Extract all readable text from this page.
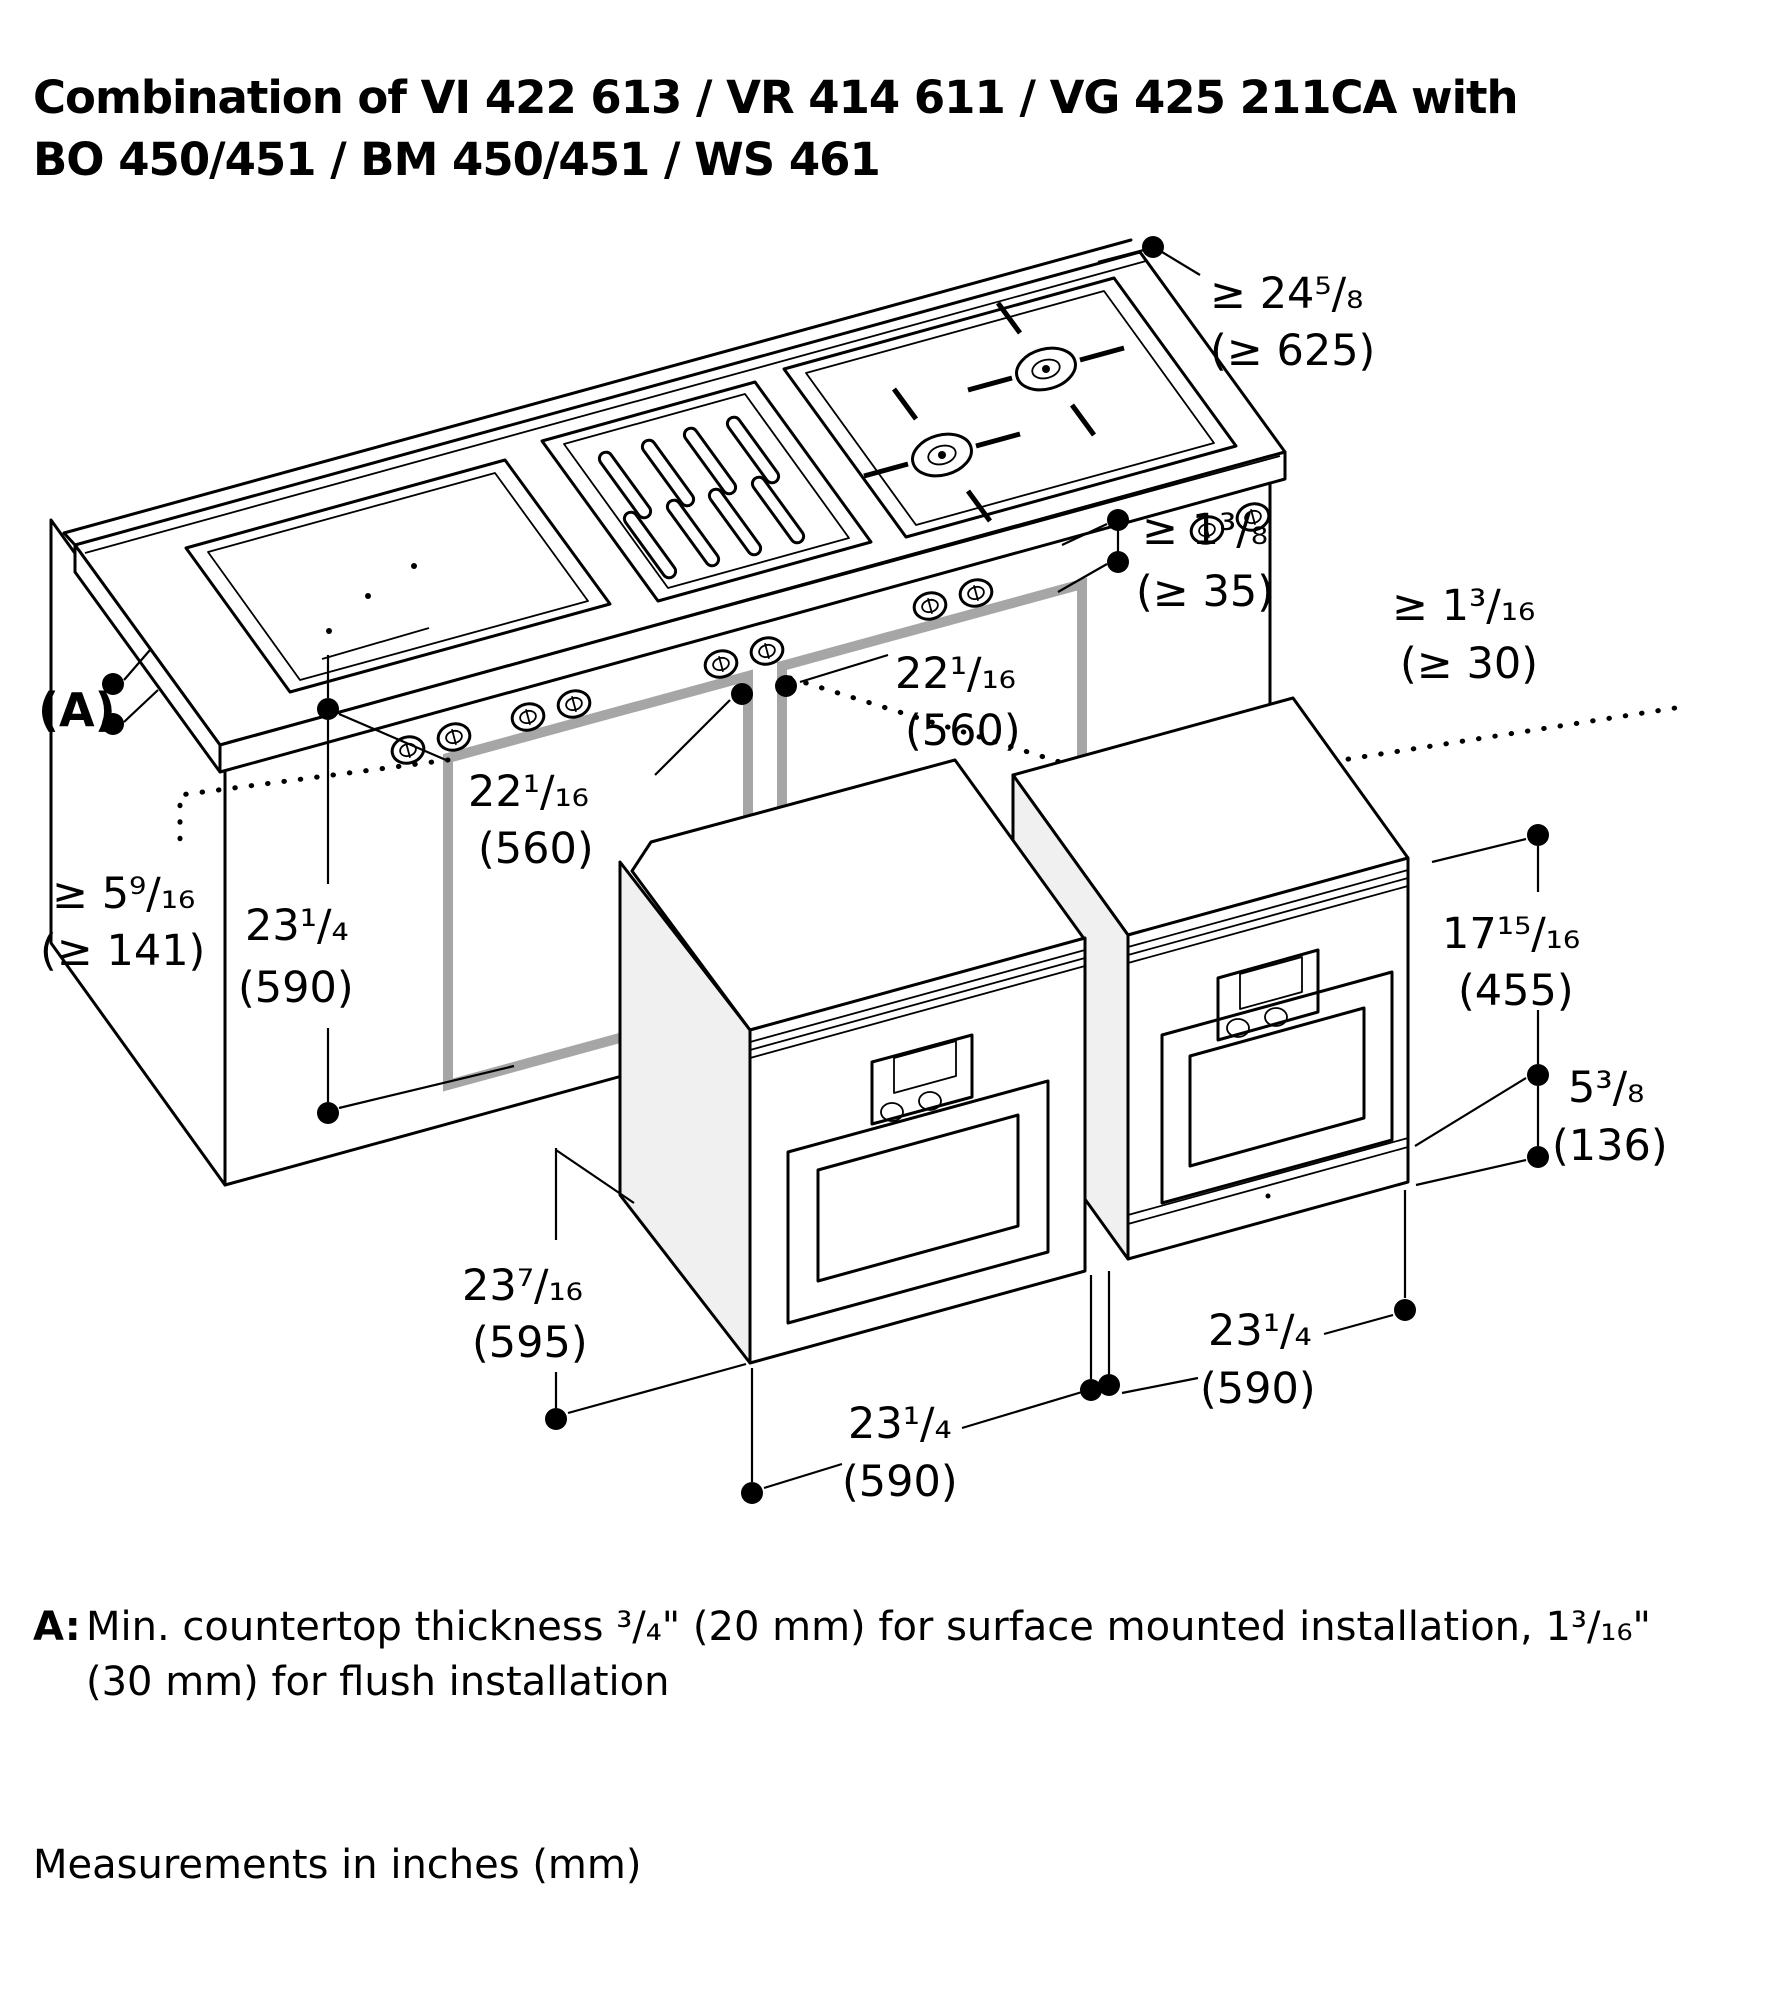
Combination of VI 422 613 / VR 414 611 / VG 425 211CA with
BO 450/451 / BM 450/451 / WS 461
≥ 24⁵/₈
(≥ 625)
≥ 1³/₈
(≥ 35)	≥ 1³/₁₆
(≥ 30)
22¹/₁₆
(560)
22¹/₁₆
(560)
(A)
≥ 5⁹/₁₆
(≥ 141) 23¹/₄
(590)
17¹⁵/₁₆
(455)
5³/₈
(136)
23⁷/₁₆
(595)
23¹/₄
(590)
23¹/₄
(590)
A: Min. countertop thickness ³/₄" (20 mm) for surface mounted installation, 1³/₁₆"
(30 mm) for flush installation
Measurements in inches (mm)
